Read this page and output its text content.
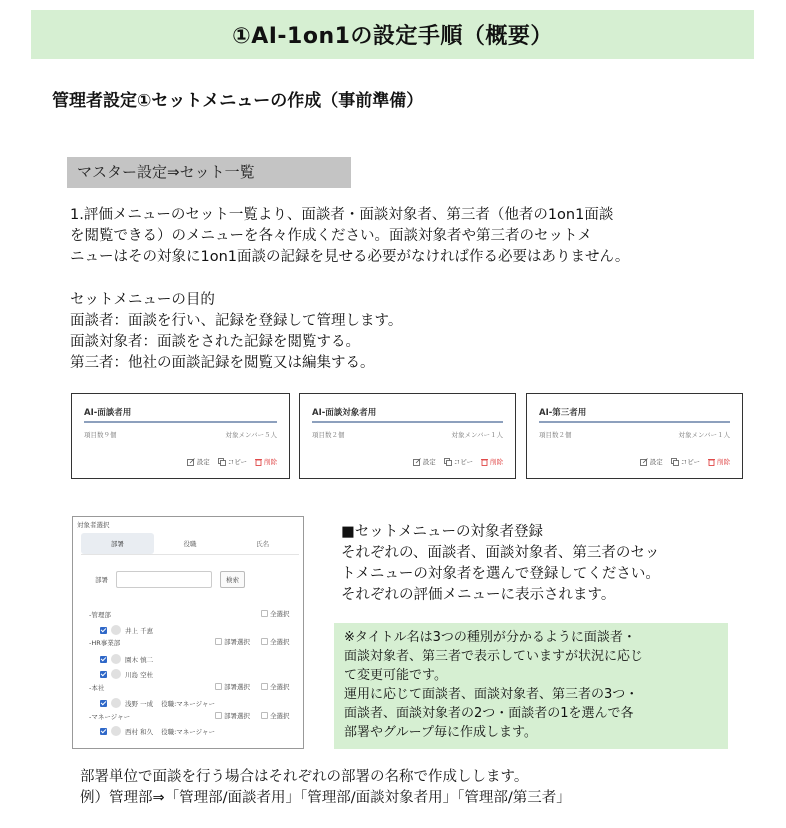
①AI-1on1の設定手順（概要）
管理者設定①セットメニューの作成（事前準備）
マスター設定⇒セット一覧
1.評価メニューのセット一覧より、面談者・面談対象者、第三者（他者の1on1面談
を閲覧できる）のメニューを各々作成ください。面談対象者や第三者のセットメ
ニューはその対象に1on1面談の記録を見せる必要がなければ作る必要はありません。
セットメニューの目的
面談者：面談を行い、記録を登録して管理します。
面談対象者：面談をされた記録を閲覧する。
第三者：他社の面談記録を閲覧又は編集する。
AI-面談者用
項目数９個	対象メンバー５人
設定	コピー	削除
AI-面談対象者用
項目数２個	対象メンバー１人
設定	コピー	削除
AI-第三者用
項目数２個	対象メンバー１人
設定	コピー	削除
対象者選択
部署	役職	氏名
部署	検索
-管理部	全選択
井上 千恵
-HR事業部	部署選択	全選択
園木 慎二
川島 空杜
-本社	部署選択	全選択
浅野 一成 役職:マネージャー
-マネージャー	部署選択	全選択
西村 和久 役職:マネージャー
■セットメニューの対象者登録
それぞれの、面談者、面談対象者、第三者のセッ
トメニューの対象者を選んで登録してください。
それぞれの評価メニューに表示されます。
※タイトル名は3つの種別が分かるように面談者・
面談対象者、第三者で表示していますが状況に応じ
て変更可能です。
運用に応じて面談者、面談対象者、第三者の3つ・
面談者、面談対象者の2つ・面談者の1を選んで各
部署やグループ毎に作成します。
部署単位で面談を行う場合はそれぞれの部署の名称で作成しします。
例）管理部⇒「管理部/面談者用」「管理部/面談対象者用」「管理部/第三者」
